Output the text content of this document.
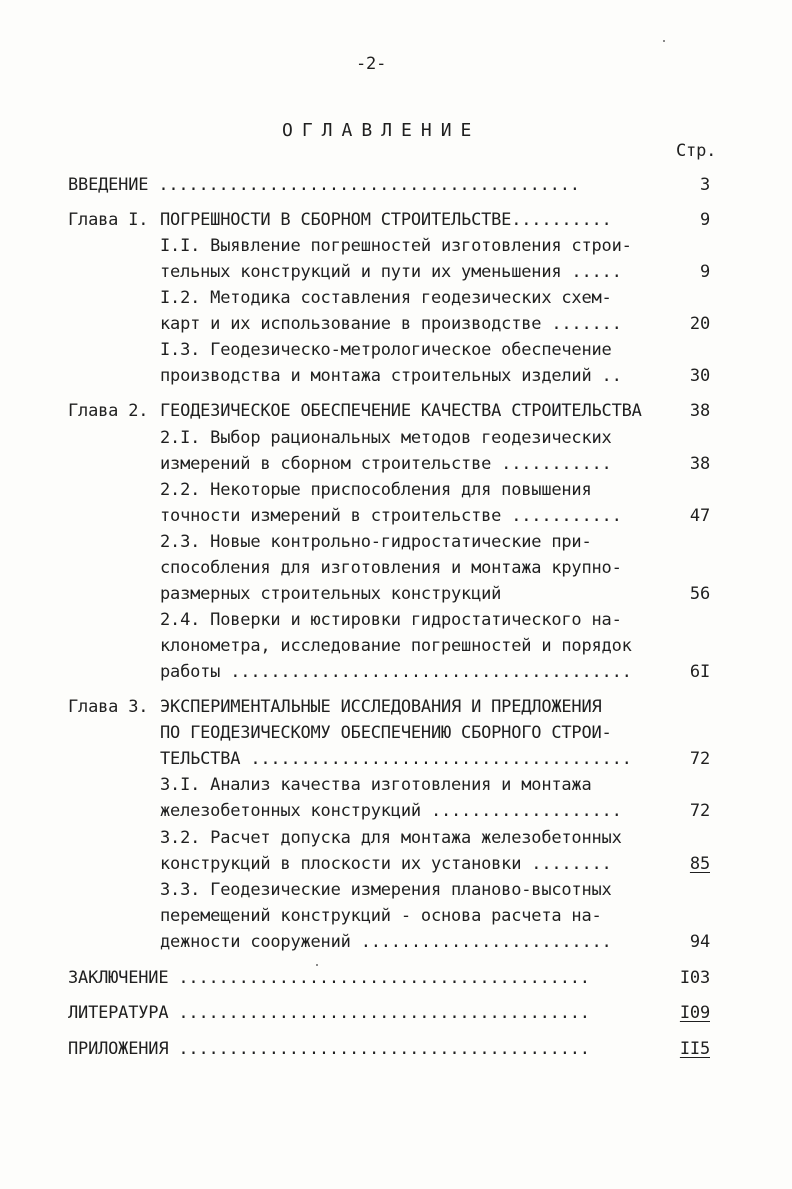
-2-
ОГЛАВЛЕНИЕ
Стр.
ВВЕДЕНИЕ ..........................................	3
Глава I. ПОГРЕШНОСТИ В СБОРНОМ СТРОИТЕЛЬСТВЕ..........	9
I.I. Выявление погрешностей изготовления строи-
тельных конструкций и пути их уменьшения .....	9
I.2. Методика составления геодезических схем-
карт и их использование в производстве .......	20
I.3. Геодезическо-метрологическое обеспечение
производства и монтажа строительных изделий ..	30
Глава 2. ГЕОДЕЗИЧЕСКОЕ ОБЕСПЕЧЕНИЕ КАЧЕСТВА СТРОИТЕЛЬСТВА	38
2.I. Выбор рациональных методов геодезических
измерений в сборном строительстве ...........	38
2.2. Некоторые приспособления для повышения
точности измерений в строительстве ...........	47
2.3. Новые контрольно-гидростатические при-
способления для изготовления и монтажа крупно-
размерных строительных конструкций	56
2.4. Поверки и юстировки гидростатического на-
клонометра, исследование погрешностей и порядок
работы ........................................	6I
Глава 3. ЭКСПЕРИМЕНТАЛЬНЫЕ ИССЛЕДОВАНИЯ И ПРЕДЛОЖЕНИЯ
ПО ГЕОДЕЗИЧЕСКОМУ ОБЕСПЕЧЕНИЮ СБОРНОГО СТРОИ-
ТЕЛЬСТВА ......................................	72
3.I. Анализ качества изготовления и монтажа
железобетонных конструкций ...................	72
3.2. Расчет допуска для монтажа железобетонных
конструкций в плоскости их установки ........	85
3.3. Геодезические измерения планово-высотных
перемещений конструкций - основа расчета на-
дежности сооружений .........................	94
ЗАКЛЮЧЕНИЕ .........................................	I03
ЛИТЕРАТУРА .........................................	I09
ПРИЛОЖЕНИЯ .........................................	II5
